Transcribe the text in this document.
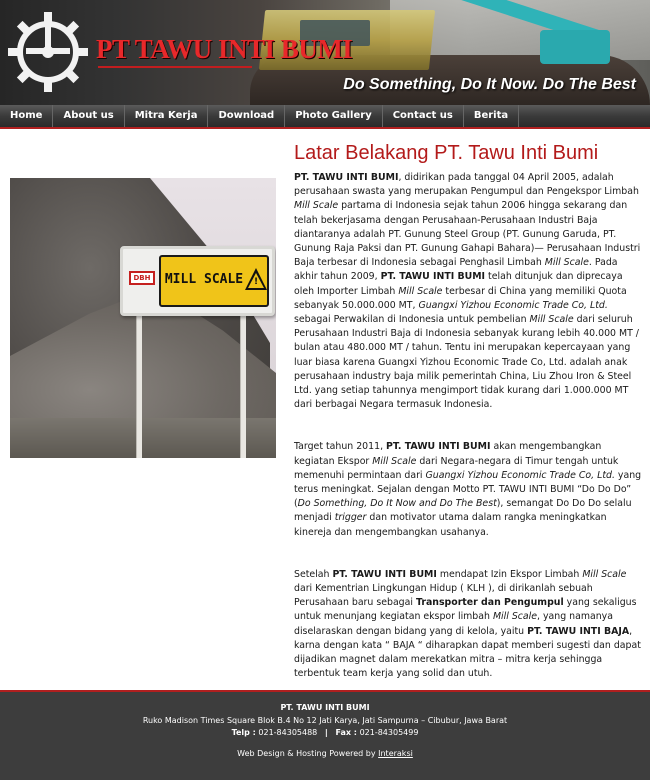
PT TAWU INTI BUMI
Do Something, Do It Now. Do The Best
Home	About us	Mitra Kerja	Download	Photo Gallery	Contact us	Berita
DBH	MILL SCALE !
Latar Belakang PT. Tawu Inti Bumi

PT. TAWU INTI BUMI, didirikan pada tanggal 04 April 2005, adalah perusahaan swasta yang merupakan Pengumpul dan Pengekspor Limbah Mill Scale partama di Indonesia sejak tahun 2006 hingga sekarang dan telah bekerjasama dengan Perusahaan-Perusahaan Industri Baja diantaranya adalah PT. Gunung Steel Group (PT. Gunung Garuda, PT. Gunung Raja Paksi dan PT. Gunung Gahapi Bahara)— Perusahaan Industri Baja terbesar di Indonesia sebagai Penghasil Limbah Mill Scale. Pada akhir tahun 2009, PT. TAWU INTI BUMI telah ditunjuk dan diprecaya oleh Importer Limbah Mill Scale terbesar di China yang memiliki Quota sebanyak 50.000.000 MT, Guangxi Yizhou Economic Trade Co, Ltd. sebagai Perwakilan di Indonesia untuk pembelian Mill Scale dari seluruh Perusahaan Industri Baja di Indonesia sebanyak kurang lebih 40.000 MT / bulan atau 480.000 MT / tahun. Tentu ini merupakan kepercayaan yang luar biasa karena Guangxi Yizhou Economic Trade Co, Ltd. adalah anak perusahaan industry baja milik pemerintah China, Liu Zhou Iron & Steel Ltd. yang setiap tahunnya mengimport tidak kurang dari 1.000.000 MT dari berbagai Negara termasuk Indonesia.

Target tahun 2011, PT. TAWU INTI BUMI akan mengembangkan kegiatan Ekspor Mill Scale dari Negara-negara di Timur tengah untuk memenuhi permintaan dari Guangxi Yizhou Economic Trade Co, Ltd. yang terus meningkat. Sejalan dengan Motto PT. TAWU INTI BUMI “Do Do Do” (Do Something, Do It Now and Do The Best), semangat Do Do Do selalu menjadi trigger dan motivator utama dalam rangka meningkatkan kinereja dan mengembangkan usahanya.

Setelah PT. TAWU INTI BUMI mendapat Izin Ekspor Limbah Mill Scale dari Kementrian Lingkungan Hidup ( KLH ), di dirikanlah sebuah Perusahaan baru sebagai Transporter dan Pengumpul yang sekaligus untuk menunjang kegiatan ekspor limbah Mill Scale, yang namanya diselaraskan dengan bidang yang di kelola, yaitu PT. TAWU INTI BAJA, karna dengan kata “ BAJA “ diharapkan dapat memberi sugesti dan dapat dijadikan magnet dalam merekatkan mitra – mitra kerja sehingga terbentuk team kerja yang solid dan utuh.

PT. TAWU INTI BUMI
Ruko Madison Times Square Blok B.4 No 12 Jati Karya, Jati Sampurna – Cibubur, Jawa Barat
Telp : 021-84305488 | Fax : 021-84305499
Web Design & Hosting Powered by Interaksi
